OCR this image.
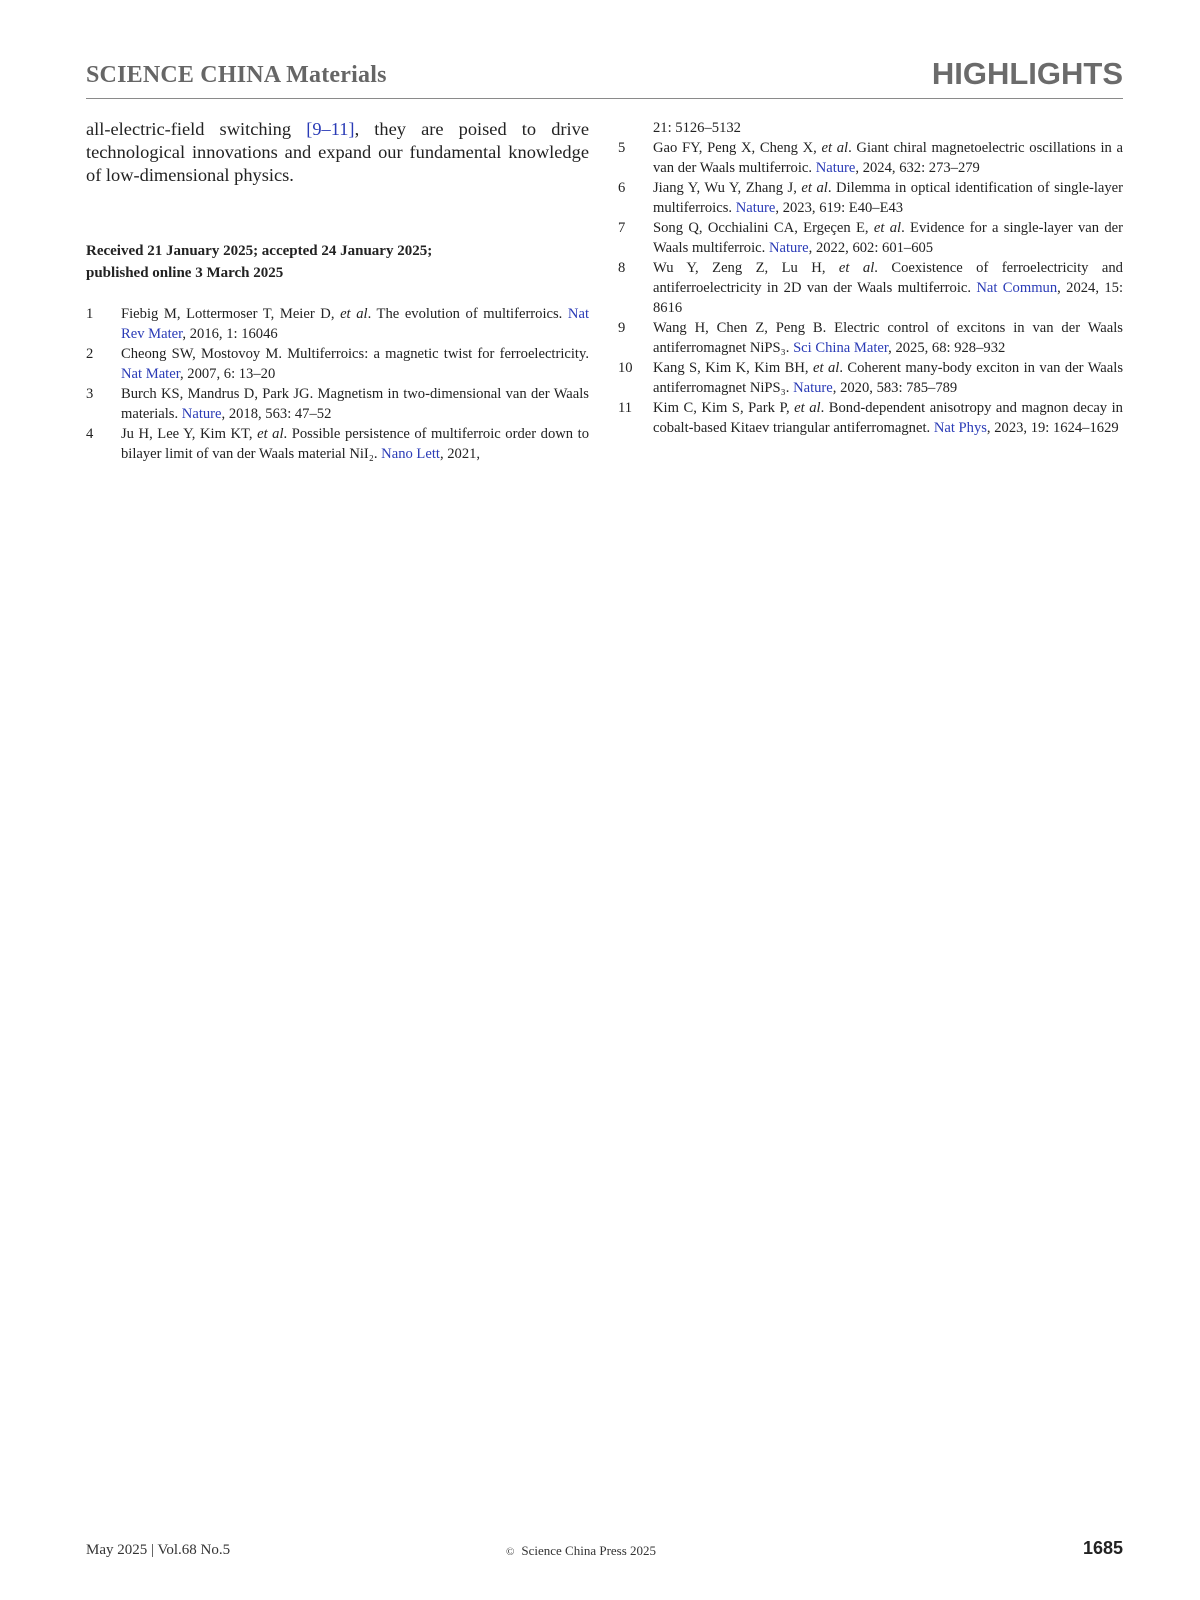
SCIENCE CHINA Materials	HIGHLIGHTS

all-electric-field switching [9–11], they are poised to drive technological innovations and expand our fundamental knowledge of low-dimensional physics.

Received 21 January 2025; accepted 24 January 2025;
published online 3 March 2025
1	Fiebig M, Lottermoser T, Meier D, et al. The evolution of multiferroics. Nat Rev Mater, 2016, 1: 16046
2	Cheong SW, Mostovoy M. Multiferroics: a magnetic twist for ferroelectricity. Nat Mater, 2007, 6: 13–20
3	Burch KS, Mandrus D, Park JG. Magnetism in two-dimensional van der Waals materials. Nature, 2018, 563: 47–52
4	Ju H, Lee Y, Kim KT, et al. Possible persistence of multiferroic order down to bilayer limit of van der Waals material NiI₂. Nano Lett, 2021,
21: 5126–5132
5	Gao FY, Peng X, Cheng X, et al. Giant chiral magnetoelectric oscillations in a van der Waals multiferroic. Nature, 2024, 632: 273–279
6	Jiang Y, Wu Y, Zhang J, et al. Dilemma in optical identification of single-layer multiferroics. Nature, 2023, 619: E40–E43
7	Song Q, Occhialini CA, Ergeçen E, et al. Evidence for a single-layer van der Waals multiferroic. Nature, 2022, 602: 601–605
8	Wu Y, Zeng Z, Lu H, et al. Coexistence of ferroelectricity and antiferroelectricity in 2D van der Waals multiferroic. Nat Commun, 2024, 15: 8616
9	Wang H, Chen Z, Peng B. Electric control of excitons in van der Waals antiferromagnet NiPS₃. Sci China Mater, 2025, 68: 928–932
10 Kang S, Kim K, Kim BH, et al. Coherent many-body exciton in van der Waals antiferromagnet NiPS₃. Nature, 2020, 583: 785–789
11 Kim C, Kim S, Park P, et al. Bond-dependent anisotropy and magnon decay in cobalt-based Kitaev triangular antiferromagnet. Nat Phys, 2023, 19: 1624–1629
May 2025 | Vol.68 No.5	© Science China Press 2025	1685
